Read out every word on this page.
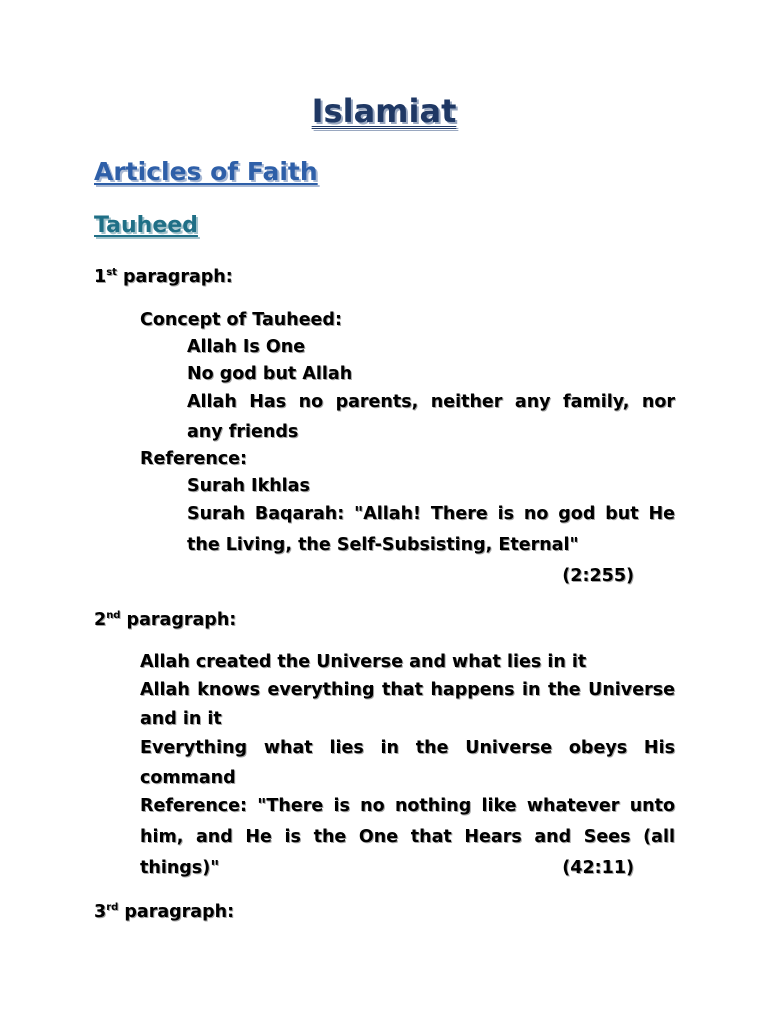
Islamiat
Articles of Faith
Tauheed
1st paragraph:
Concept of Tauheed:
Allah Is One
No god but Allah
Allah Has no parents, neither any family, nor
any friends
Reference:
Surah Ikhlas
Surah Baqarah: "Allah! There is no god but He
the Living, the Self-Subsisting, Eternal"
(2:255)
2nd paragraph:
Allah created the Universe and what lies in it
Allah knows everything that happens in the Universe
and in it
Everything what lies in the Universe obeys His
command
Reference: "There is no nothing like whatever unto
him, and He is the One that Hears and Sees (all
things)"	(42:11)
3rd paragraph:
